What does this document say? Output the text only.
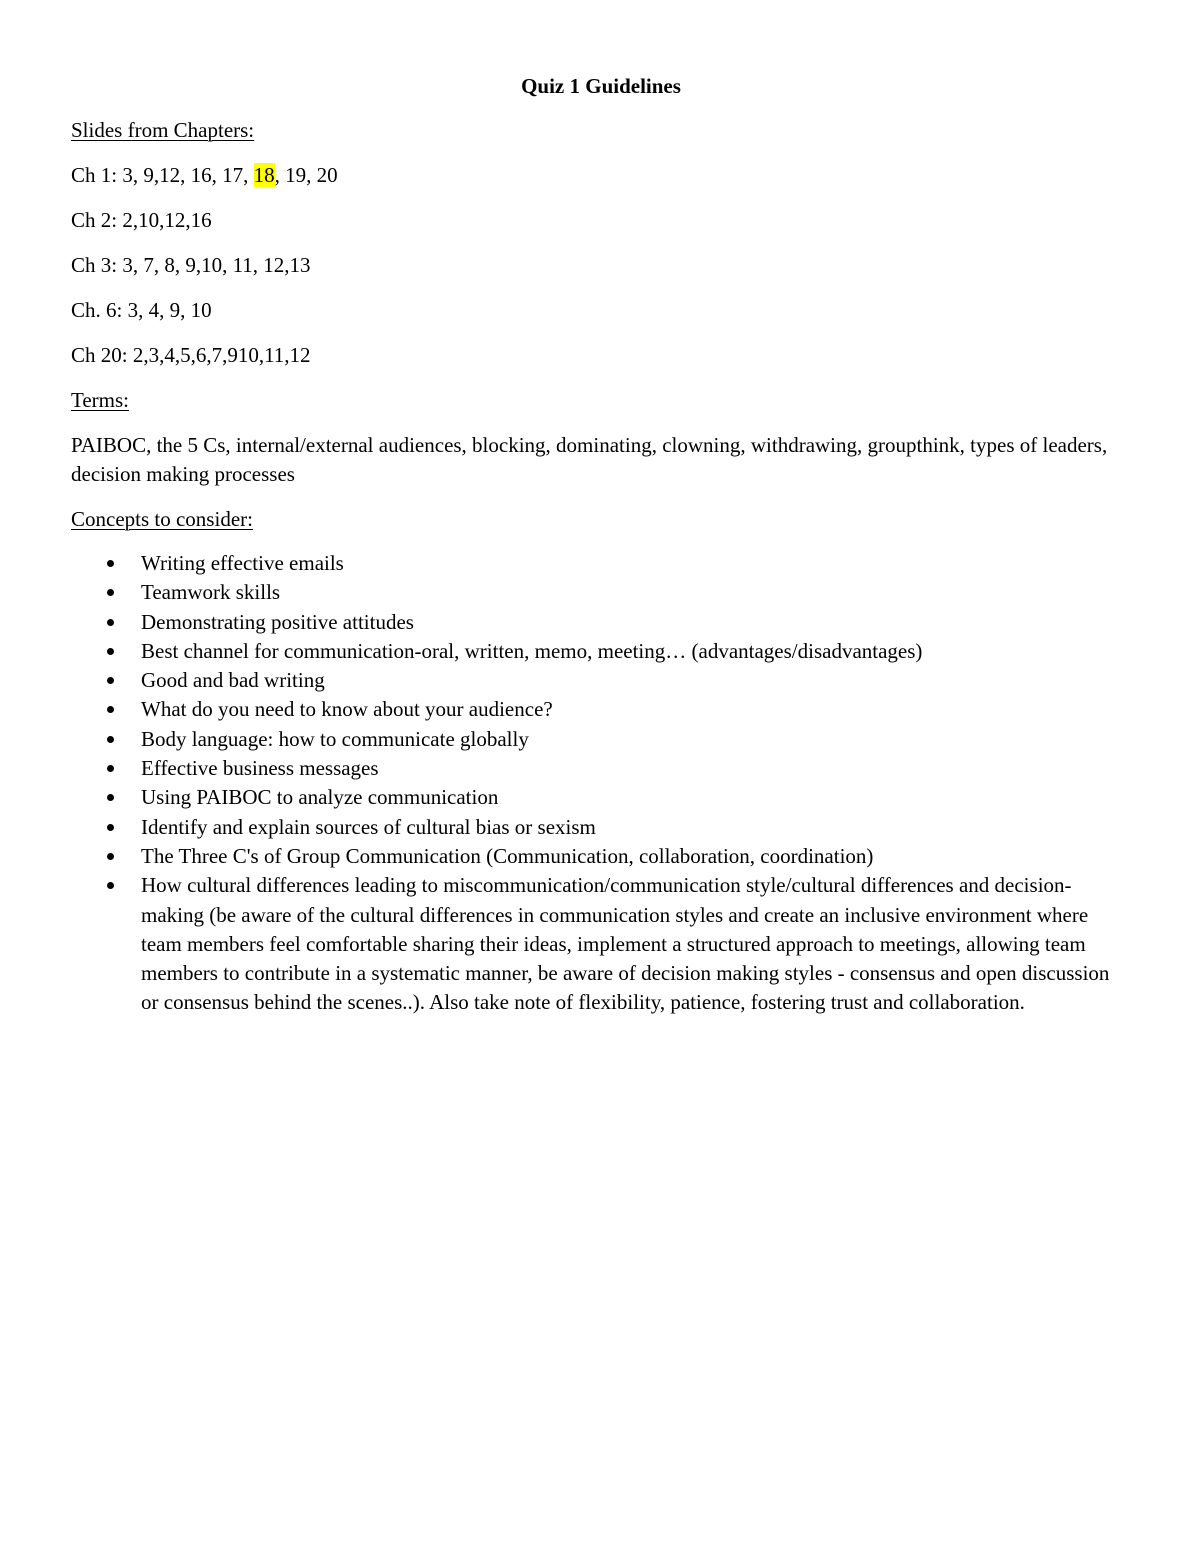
Quiz 1 Guidelines

Slides from Chapters:

Ch 1: 3, 9,12, 16, 17, 18, 19, 20

Ch 2: 2,10,12,16

Ch 3: 3, 7, 8, 9,10, 11, 12,13

Ch. 6: 3, 4, 9, 10

Ch 20: 2,3,4,5,6,7,910,11,12

Terms:

PAIBOC, the 5 Cs, internal/external audiences, blocking, dominating, clowning, withdrawing, groupthink, types of leaders, decision making processes

Concepts to consider:

Writing effective emails
Teamwork skills
Demonstrating positive attitudes
Best channel for communication-oral, written, memo, meeting… (advantages/disadvantages)
Good and bad writing
What do you need to know about your audience?
Body language: how to communicate globally
Effective business messages
Using PAIBOC to analyze communication
Identify and explain sources of cultural bias or sexism
The Three C's of Group Communication (Communication, collaboration, coordination)
How cultural differences leading to miscommunication/communication style/cultural differences and decision-making (be aware of the cultural differences in communication styles and create an inclusive environment where team members feel comfortable sharing their ideas, implement a structured approach to meetings, allowing team members to contribute in a systematic manner, be aware of decision making styles - consensus and open discussion or consensus behind the scenes..). Also take note of flexibility, patience, fostering trust and collaboration.
